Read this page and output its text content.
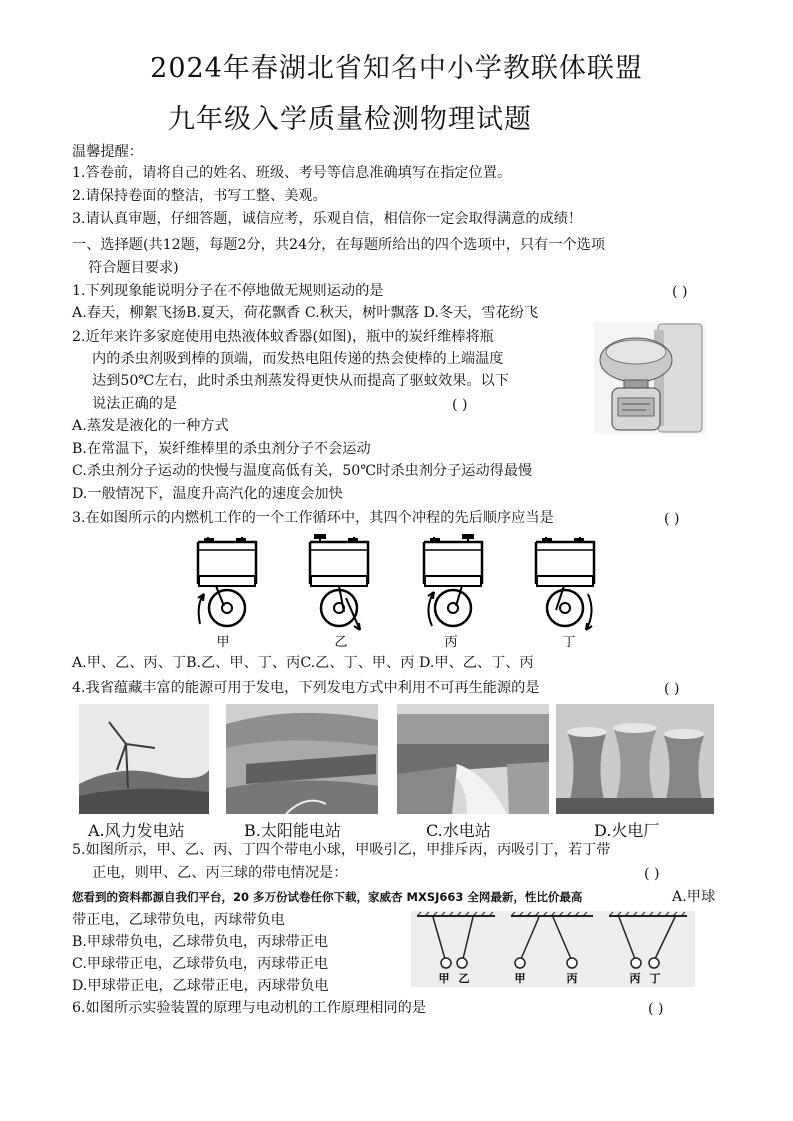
2024年春湖北省知名中小学教联体联盟
九年级入学质量检测物理试题
温馨提醒：
1.答卷前，请将自己的姓名、班级、考号等信息准确填写在指定位置。
2.请保持卷面的整洁，书写工整、美观。
3.请认真审题，仔细答题，诚信应考，乐观自信，相信你一定会取得满意的成绩！
一、选择题(共12题，每题2分，共24分，在每题所给出的四个选项中，只有一个选项
符合题目要求)
1.下列现象能说明分子在不停地做无规则运动的是	( )
A.春天，柳絮飞扬B.夏天，荷花飘香 C.秋天，树叶飘落 D.冬天，雪花纷飞
2.近年来许多家庭使用电热液体蚊香器(如图)，瓶中的炭纤维棒将瓶
内的杀虫剂吸到棒的顶端，而发热电阻传递的热会使棒的上端温度
达到50℃左右，此时杀虫剂蒸发得更快从而提高了驱蚊效果。以下
说法正确的是	( )
A.蒸发是液化的一种方式
B.在常温下，炭纤维棒里的杀虫剂分子不会运动
C.杀虫剂分子运动的快慢与温度高低有关，50℃时杀虫剂分子运动得最慢
D.一般情况下，温度升高汽化的速度会加快
3.在如图所示的内燃机工作的一个工作循环中，其四个冲程的先后顺序应当是	( )
甲	乙	丙	丁
A.甲、乙、丙、丁B.乙、甲、丁、丙C.乙、丁、甲、丙 D.甲、乙、丁、丙
4.我省蕴藏丰富的能源可用于发电，下列发电方式中利用不可再生能源的是	( )
A.风力发电站	B.太阳能电站	C.水电站	D.火电厂
5.如图所示，甲、乙、丙、丁四个带电小球，甲吸引乙，甲排斥丙，丙吸引丁，若丁带
正电，则甲、乙、丙三球的带电情况是：	( )
您看到的资料都源自我们平台，20 多万份试卷任你下载，家威杏 MXSJ663 全网最新，性比价最高	A.甲球
带正电，乙球带负电，丙球带负电
B.甲球带负电，乙球带负电，丙球带正电
C.甲球带正电，乙球带负电，丙球带正电
D.甲球带正电，乙球带正电，丙球带负电	甲 乙	甲	丙	丙 丁
6.如图所示实验装置的原理与电动机的工作原理相同的是	( )
